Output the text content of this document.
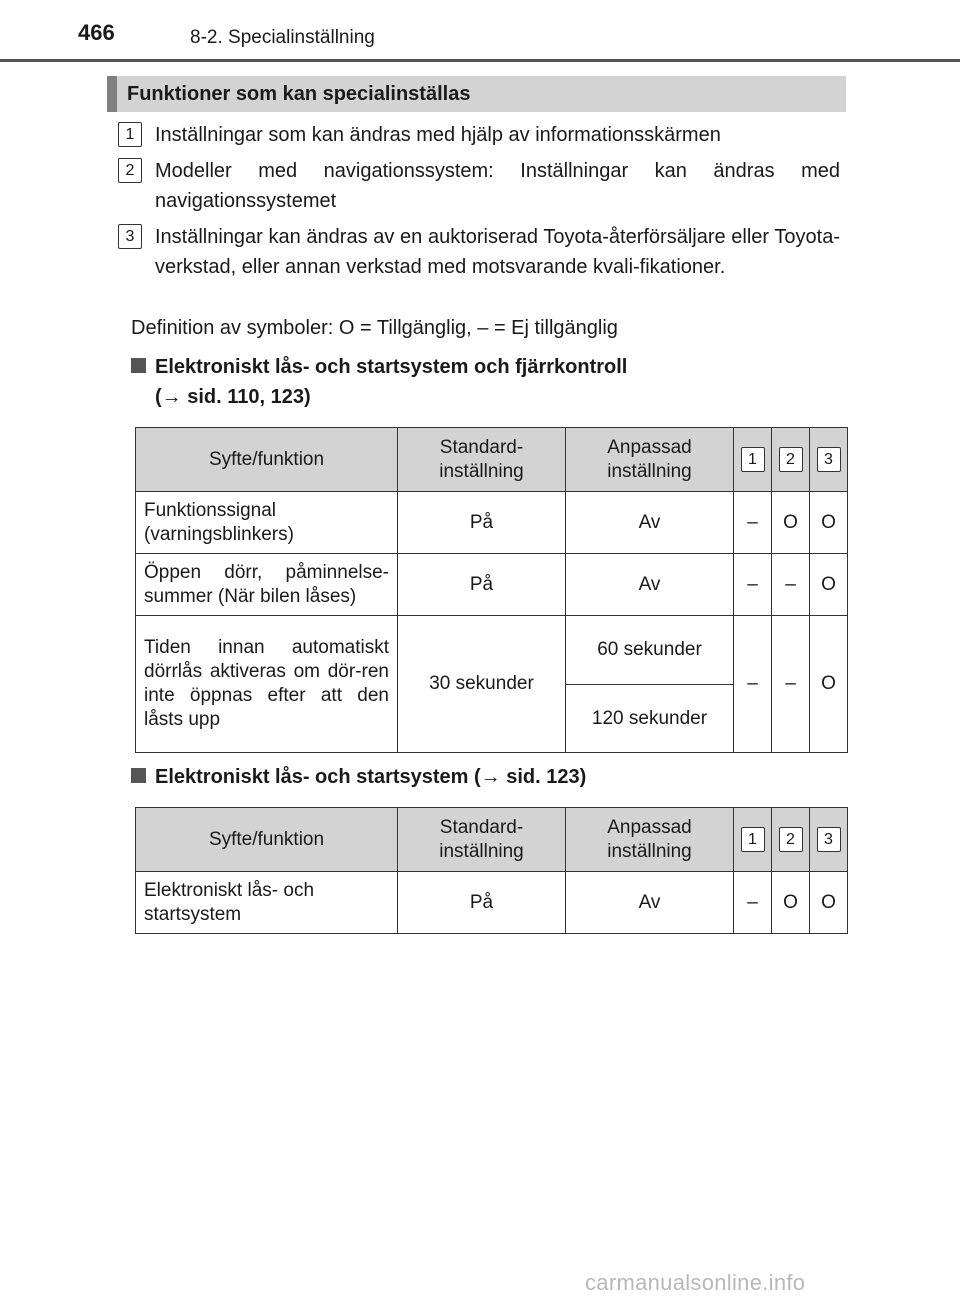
466	8-2. Specialinställning
Funktioner som kan specialinställas
1	Inställningar som kan ändras med hjälp av informationsskärmen
2	Modeller med navigationssystem: Inställningar kan ändras med navigationssystemet
3	Inställningar kan ändras av en auktoriserad Toyota-återförsäljare eller Toyota-verkstad, eller annan verkstad med motsvarande kvali-fikationer.
Definition av symboler: O = Tillgänglig, – = Ej tillgänglig
Elektroniskt lås- och startsystem och fjärrkontroll
(→ sid. 110, 123)
Syfte/funktion	Standard-inställning	Anpassad inställning	1	2	3
Funktionssignal (varningsblinkers)	På	Av	–	O	O
Öppen dörr, påminnelse-summer (När bilen låses)	På	Av	–	–	O
Tiden innan automatiskt dörrlås aktiveras om dör-ren inte öppnas efter att den låsts upp	30 sekunder	60 sekunder	–	–	O
		120 sekunder			
Elektroniskt lås- och startsystem (→ sid. 123)
Syfte/funktion	Standard-inställning	Anpassad inställning	1	2	3
Elektroniskt lås- och startsystem	På	Av	–	O	O
carmanualsonline.info
